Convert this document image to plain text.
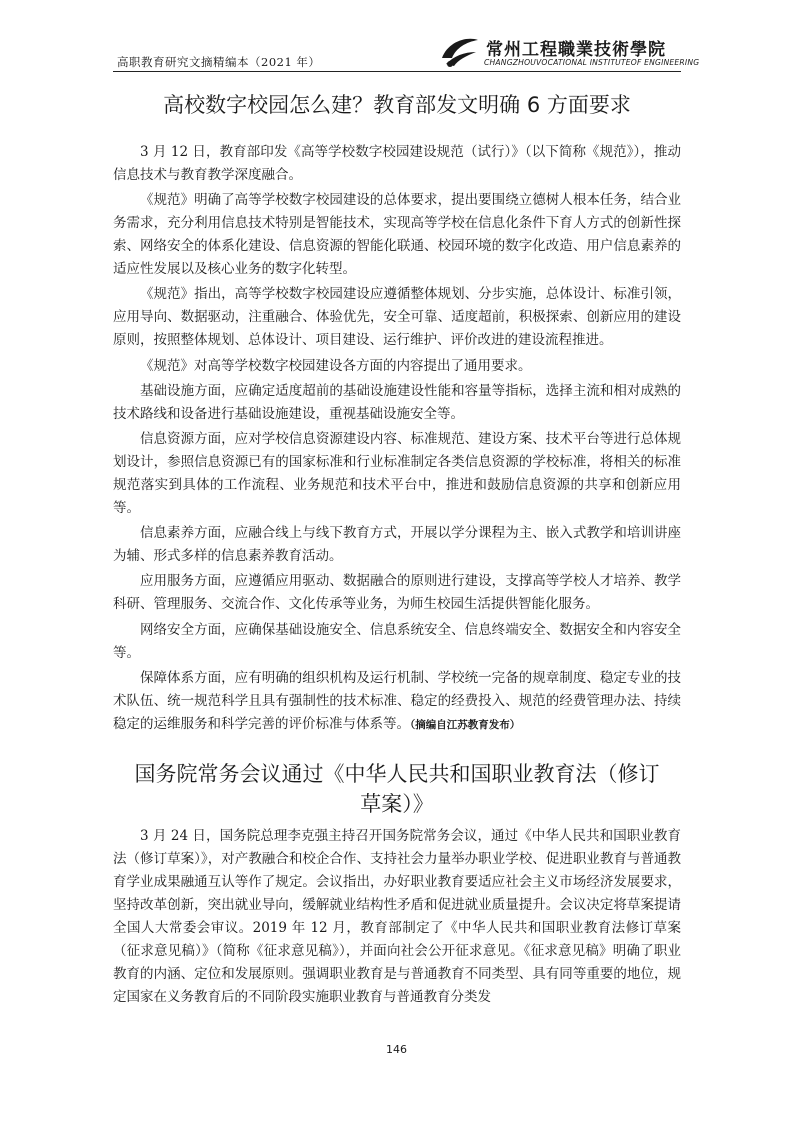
高职教育研究文摘精编本（2021 年）
常州工程職業技術學院
CHANGZHOUVOCATIONAL INSTITUTEOF ENGINEERING
高校数字校园怎么建？教育部发文明确 6 方面要求

3 月 12 日，教育部印发《高等学校数字校园建设规范（试行）》（以下简称《规范》），推动信息技术与教育教学深度融合。

《规范》明确了高等学校数字校园建设的总体要求，提出要围绕立德树人根本任务，结合业务需求，充分利用信息技术特别是智能技术，实现高等学校在信息化条件下育人方式的创新性探索、网络安全的体系化建设、信息资源的智能化联通、校园环境的数字化改造、用户信息素养的适应性发展以及核心业务的数字化转型。

《规范》指出，高等学校数字校园建设应遵循整体规划、分步实施，总体设计、标准引领，应用导向、数据驱动，注重融合、体验优先，安全可靠、适度超前，积极探索、创新应用的建设原则，按照整体规划、总体设计、项目建设、运行维护、评价改进的建设流程推进。

《规范》对高等学校数字校园建设各方面的内容提出了通用要求。

基础设施方面，应确定适度超前的基础设施建设性能和容量等指标，选择主流和相对成熟的技术路线和设备进行基础设施建设，重视基础设施安全等。

信息资源方面，应对学校信息资源建设内容、标准规范、建设方案、技术平台等进行总体规划设计，参照信息资源已有的国家标准和行业标准制定各类信息资源的学校标准，将相关的标准规范落实到具体的工作流程、业务规范和技术平台中，推进和鼓励信息资源的共享和创新应用等。

信息素养方面，应融合线上与线下教育方式，开展以学分课程为主、嵌入式教学和培训讲座为辅、形式多样的信息素养教育活动。

应用服务方面，应遵循应用驱动、数据融合的原则进行建设，支撑高等学校人才培养、教学科研、管理服务、交流合作、文化传承等业务，为师生校园生活提供智能化服务。

网络安全方面，应确保基础设施安全、信息系统安全、信息终端安全、数据安全和内容安全等。

保障体系方面，应有明确的组织机构及运行机制、学校统一完备的规章制度、稳定专业的技术队伍、统一规范科学且具有强制性的技术标准、稳定的经费投入、规范的经费管理办法、持续稳定的运维服务和科学完善的评价标准与体系等。（摘编自江苏教育发布）

国务院常务会议通过《中华人民共和国职业教育法（修订
草案）》

3 月 24 日，国务院总理李克强主持召开国务院常务会议，通过《中华人民共和国职业教育法（修订草案）》，对产教融合和校企合作、支持社会力量举办职业学校、促进职业教育与普通教育学业成果融通互认等作了规定。会议指出，办好职业教育要适应社会主义市场经济发展要求，坚持改革创新，突出就业导向，缓解就业结构性矛盾和促进就业质量提升。会议决定将草案提请全国人大常委会审议。2019 年 12 月，教育部制定了《中华人民共和国职业教育法修订草案（征求意见稿）》（简称《征求意见稿》），并面向社会公开征求意见。《征求意见稿》明确了职业教育的内涵、定位和发展原则。强调职业教育是与普通教育不同类型、具有同等重要的地位，规定国家在义务教育后的不同阶段实施职业教育与普通教育分类发

146
